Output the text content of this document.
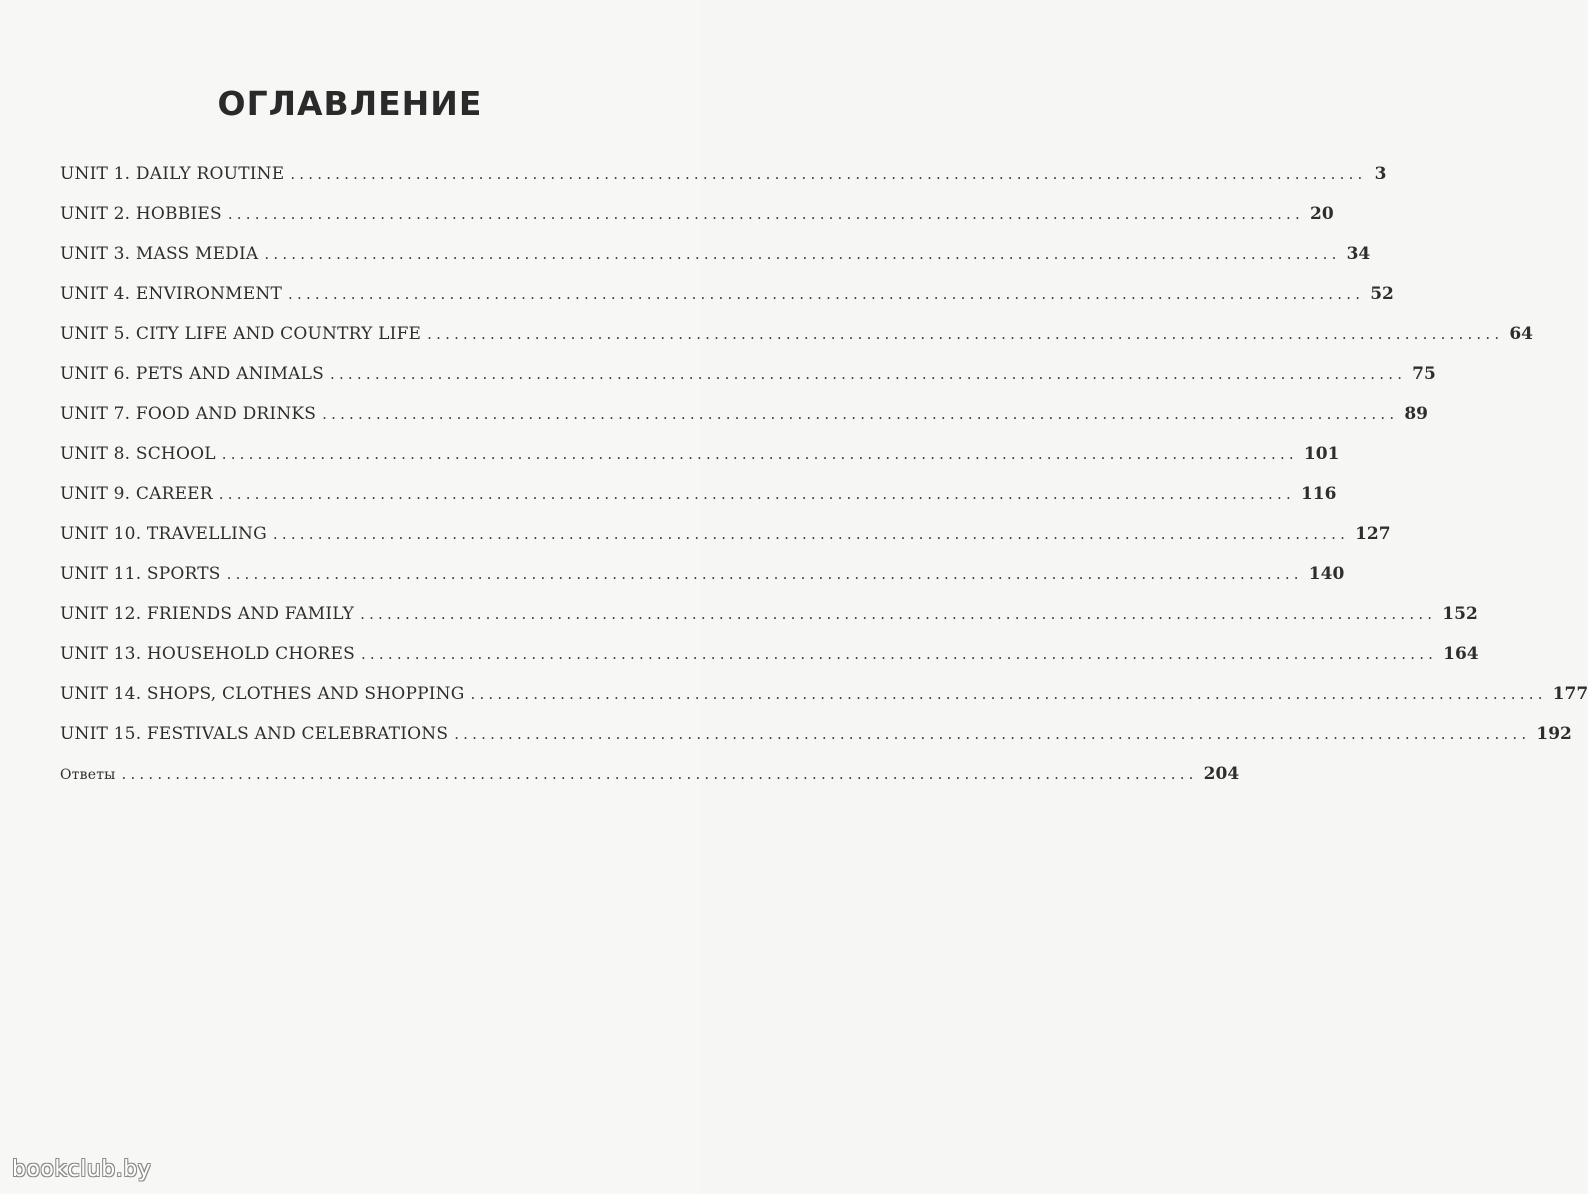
ОГЛАВЛЕНИЕ
UNIT 1. DAILY ROUTINE ........................................................................................................................ 3
UNIT 2. HOBBIES ........................................................................................................................ 20
UNIT 3. MASS MEDIA ........................................................................................................................ 34
UNIT 4. ENVIRONMENT ........................................................................................................................ 52
UNIT 5. CITY LIFE AND COUNTRY LIFE ........................................................................................................................ 64
UNIT 6. PETS AND ANIMALS ........................................................................................................................ 75
UNIT 7. FOOD AND DRINKS ........................................................................................................................ 89
UNIT 8. SCHOOL ........................................................................................................................ 101
UNIT 9. CAREER ........................................................................................................................ 116
UNIT 10. TRAVELLING ........................................................................................................................ 127
UNIT 11. SPORTS ........................................................................................................................ 140
UNIT 12. FRIENDS AND FAMILY ........................................................................................................................ 152
UNIT 13. HOUSEHOLD CHORES ........................................................................................................................ 164
UNIT 14. SHOPS, CLOTHES AND SHOPPING ........................................................................................................................ 177
UNIT 15. FESTIVALS AND CELEBRATIONS ........................................................................................................................ 192
Ответы ........................................................................................................................ 204
bookclub.by
